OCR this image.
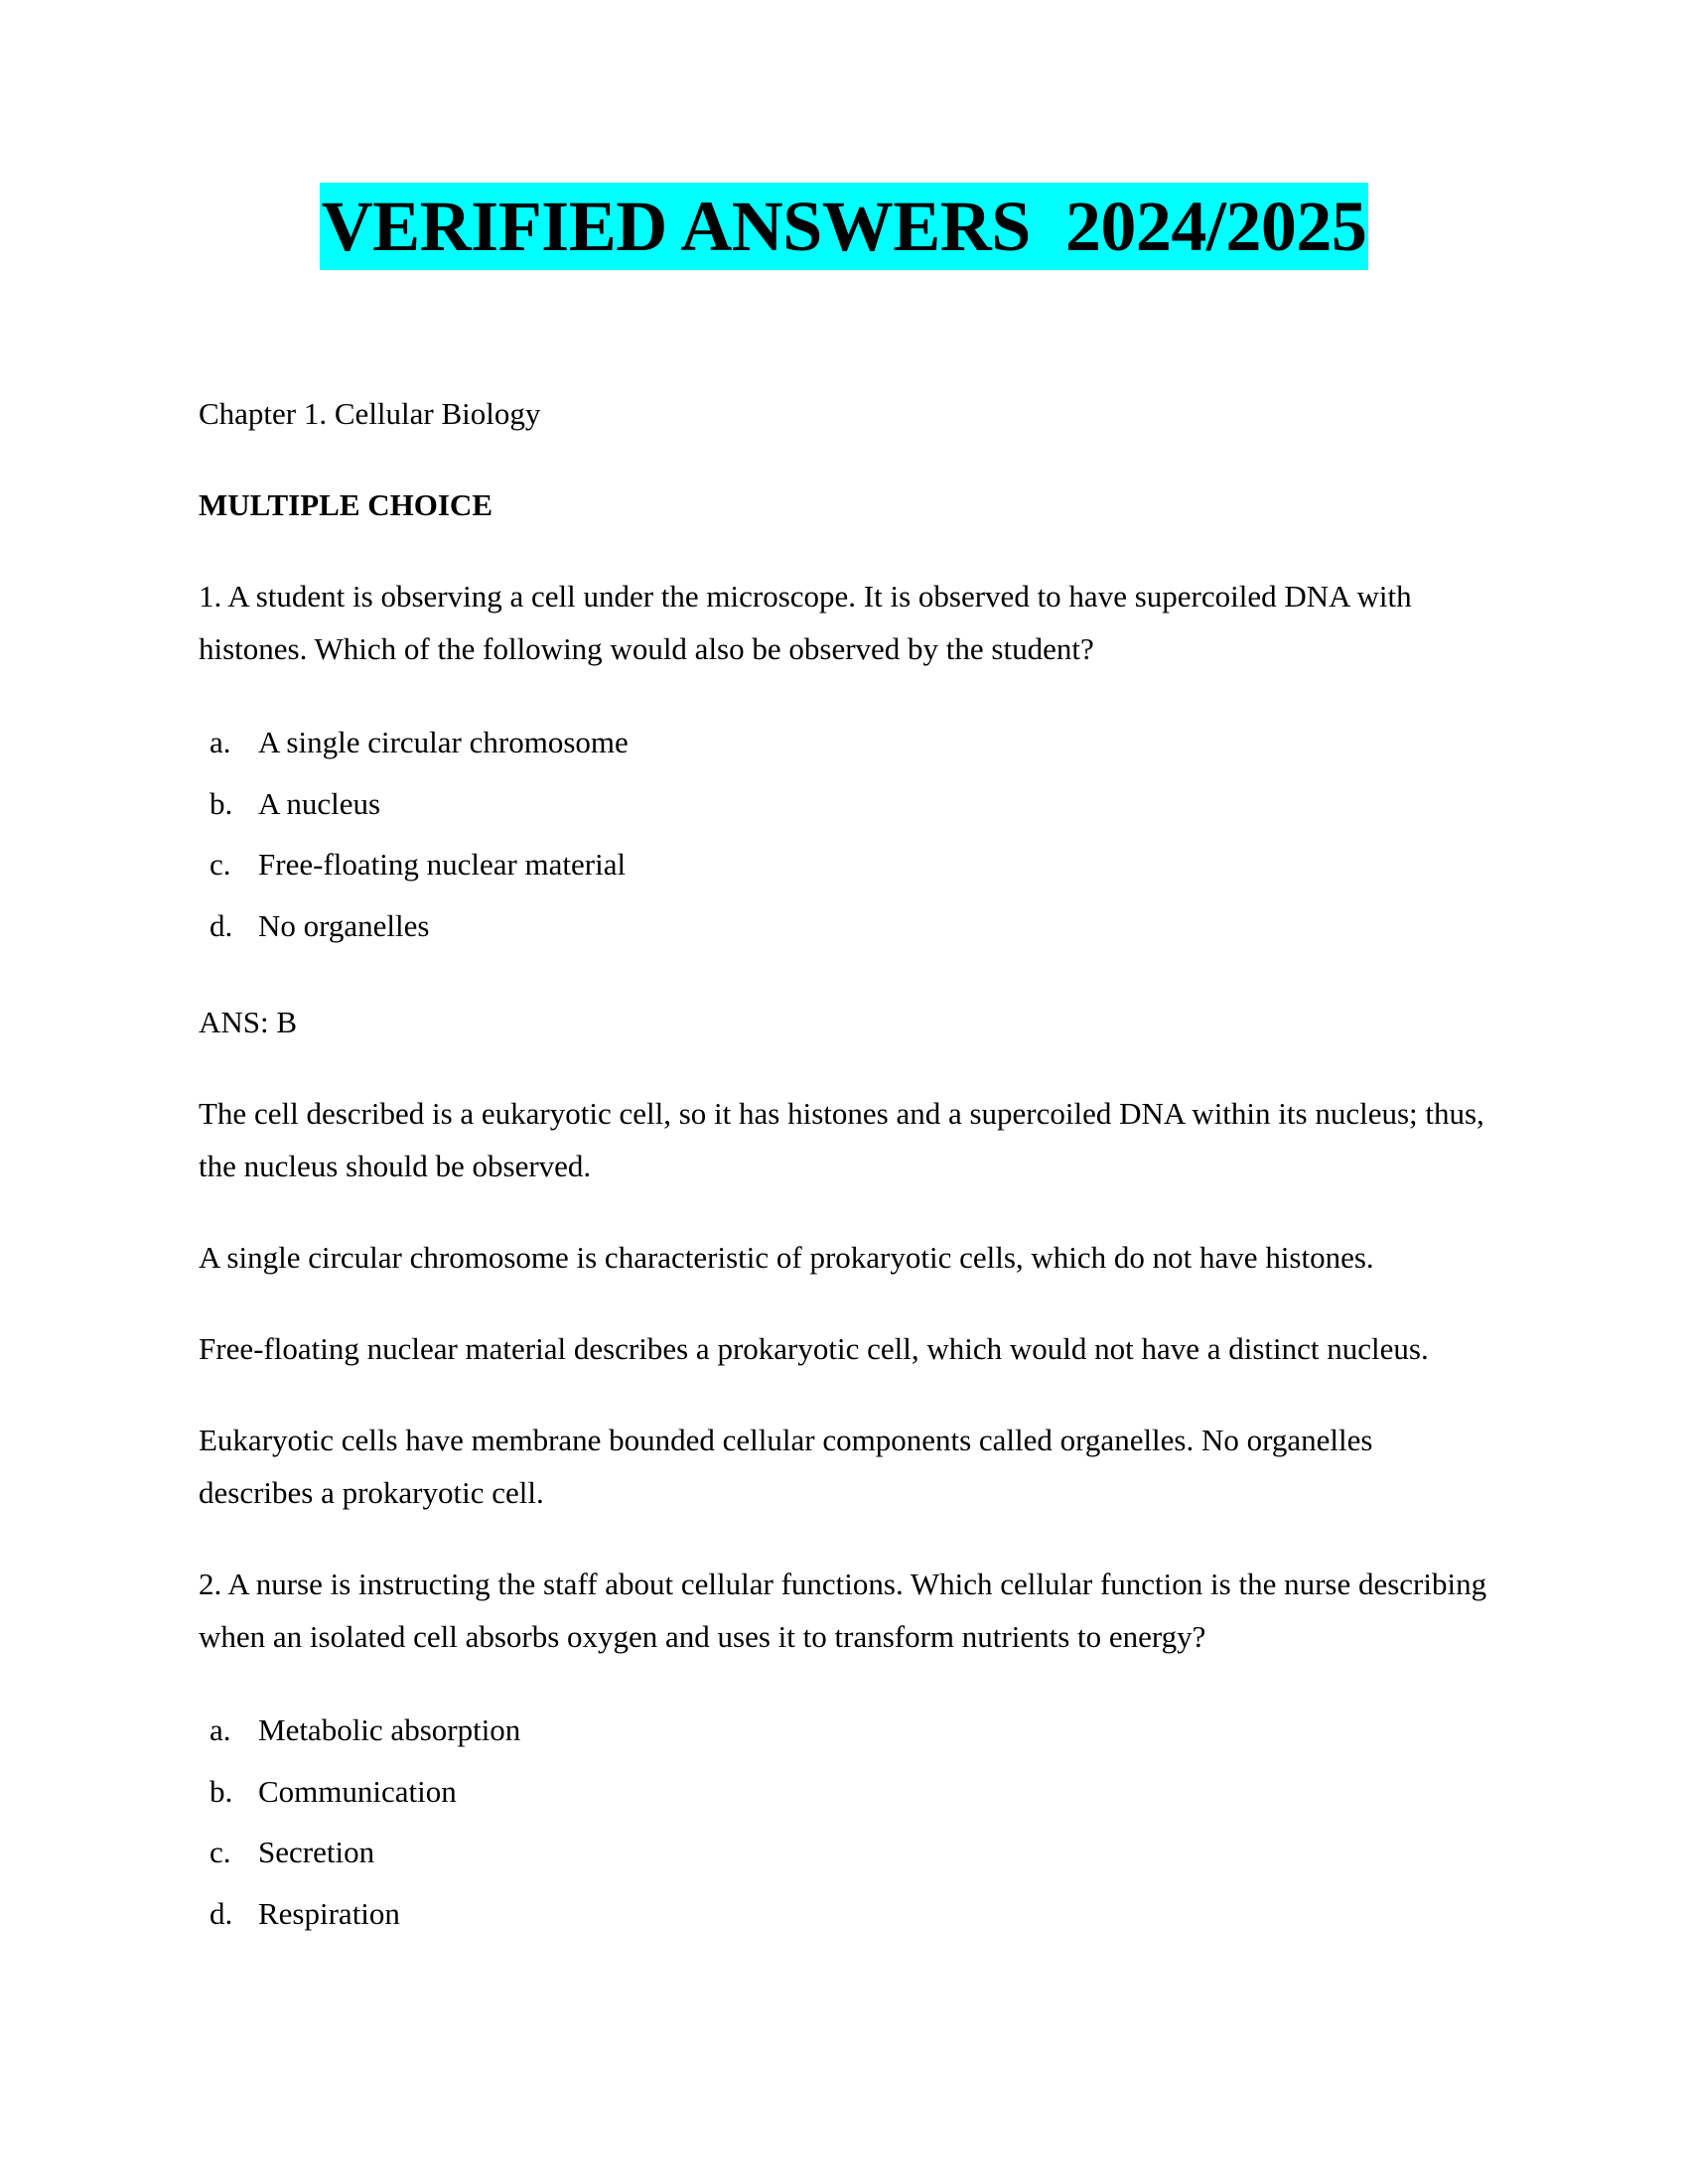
VERIFIED ANSWERS  2024/2025

Chapter 1. Cellular Biology

MULTIPLE CHOICE

1. A student is observing a cell under the microscope. It is observed to have supercoiled DNA with histones. Which of the following would also be observed by the student?

a. A single circular chromosome
b. A nucleus
c. Free-floating nuclear material
d. No organelles

ANS: B

The cell described is a eukaryotic cell, so it has histones and a supercoiled DNA within its nucleus; thus, the nucleus should be observed.

A single circular chromosome is characteristic of prokaryotic cells, which do not have histones.

Free-floating nuclear material describes a prokaryotic cell, which would not have a distinct nucleus.

Eukaryotic cells have membrane bounded cellular components called organelles. No organelles describes a prokaryotic cell.

2. A nurse is instructing the staff about cellular functions. Which cellular function is the nurse describing when an isolated cell absorbs oxygen and uses it to transform nutrients to energy?

a. Metabolic absorption
b. Communication
c. Secretion
d. Respiration
